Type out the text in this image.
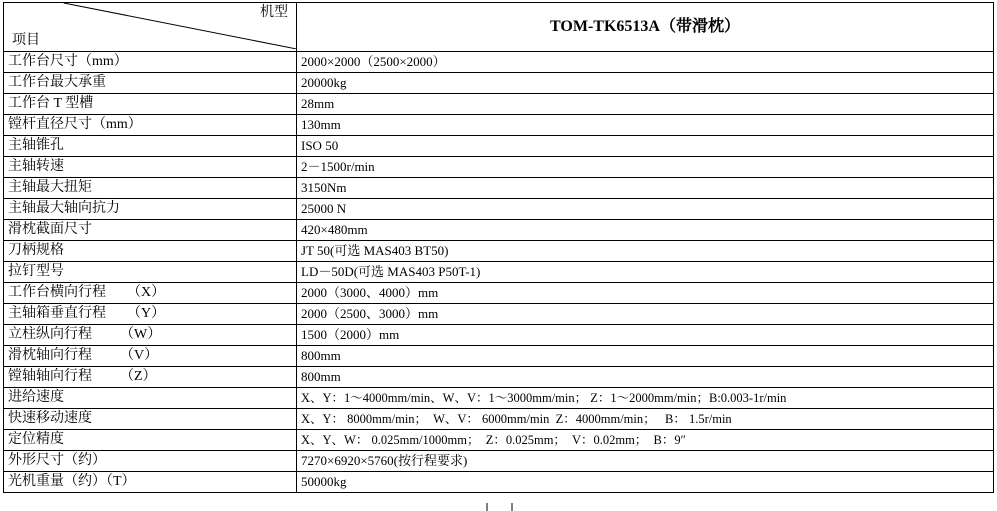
机型
项目	TOM-TK6513A（带滑枕）
工作台尺寸（mm）	2000×2000（2500×2000）
工作台最大承重	20000kg
工作台 T 型槽	28mm
镗杆直径尺寸（mm）	130mm
主轴锥孔	ISO 50
主轴转速	2－1500r/min
主轴最大扭矩	3150Nm
主轴最大轴向抗力	25000 N
滑枕截面尺寸	420×480mm
刀柄规格	JT 50(可选 MAS403 BT50)
拉钉型号	LD－50D(可选 MAS403 P50T-1)
工作台横向行程      （X）	2000（3000、4000）mm
主轴箱垂直行程      （Y）	2000（2500、3000）mm
立柱纵向行程        （W）	1500（2000）mm
滑枕轴向行程        （V）	800mm
镗轴轴向行程        （Z）	800mm
进给速度	X、Y：1～4000mm/min、W、V：1～3000mm/min； Z：1～2000mm/min；B:0.003-1r/min
快速移动速度	X、Y： 8000mm/min；  W、V： 6000mm/min  Z：4000mm/min；   B： 1.5r/min
定位精度	X、Y、W： 0.025mm/1000mm；  Z：0.025mm；  V：0.02mm；  B：9″
外形尺寸（约）	7270×6920×5760(按行程要求)
光机重量（约）（T）	50000kg
